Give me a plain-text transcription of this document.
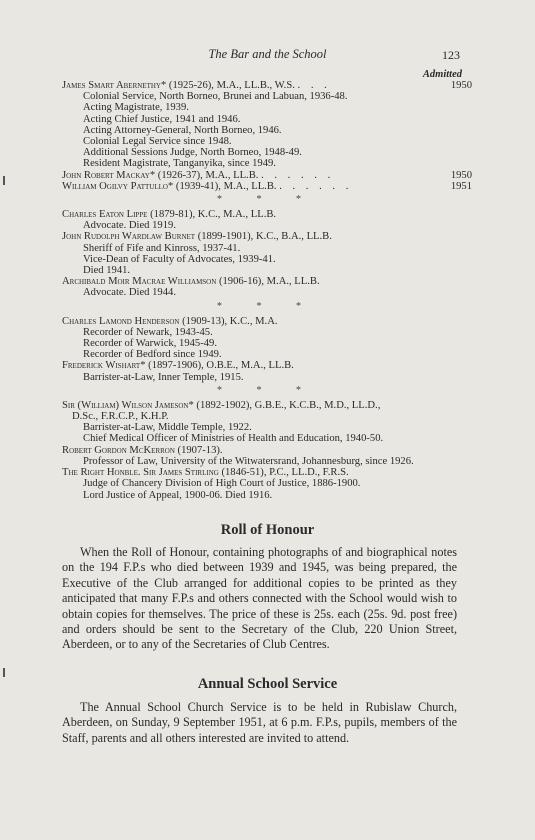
The Bar and the School	123
Admitted
James Smart Abernethy* (1925-26), M.A., LL.B., W.S. . . .	1950
Colonial Service, North Borneo, Brunei and Labuan, 1936-48.
Acting Magistrate, 1939.
Acting Chief Justice, 1941 and 1946.
Acting Attorney-General, North Borneo, 1946.
Colonial Legal Service since 1948.
Additional Sessions Judge, North Borneo, 1948-49.
Resident Magistrate, Tanganyika, since 1949.
John Robert Mackay* (1926-37), M.A., LL.B. . . . . . .	1950
William Ogilvy Pattullo* (1939-41), M.A., LL.B. . . . . . .	1951
* * *
Charles Eaton Lippe (1879-81), K.C., M.A., LL.B.
Advocate. Died 1919.
John Rudolph Wardlaw Burnet (1899-1901), K.C., B.A., LL.B.
Sheriff of Fife and Kinross, 1937-41.
Vice-Dean of Faculty of Advocates, 1939-41.
Died 1941.
Archibald Moir Macrae Williamson (1906-16), M.A., LL.B.
Advocate. Died 1944.
* * *
Charles Lamond Henderson (1909-13), K.C., M.A.
Recorder of Newark, 1943-45.
Recorder of Warwick, 1945-49.
Recorder of Bedford since 1949.
Frederick Wishart* (1897-1906), O.B.E., M.A., LL.B.
Barrister-at-Law, Inner Temple, 1915.
* * *
Sir (William) Wilson Jameson* (1892-1902), G.B.E., K.C.B., M.D., LL.D.,
D.Sc., F.R.C.P., K.H.P.
Barrister-at-Law, Middle Temple, 1922.
Chief Medical Officer of Ministries of Health and Education, 1940-50.
Robert Gordon McKerron (1907-13).
Professor of Law, University of the Witwatersrand, Johannesburg, since 1926.
The Right Honble. Sir James Stirling (1846-51), P.C., LL.D., F.R.S.
Judge of Chancery Division of High Court of Justice, 1886-1900.
Lord Justice of Appeal, 1900-06. Died 1916.
Roll of Honour

When the Roll of Honour, containing photographs of and biographical notes on the 194 F.P.s who died between 1939 and 1945, was being prepared, the Executive of the Club arranged for additional copies to be printed as they anticipated that many F.P.s and others connected with the School would wish to obtain copies for themselves. The price of these is 25s. each (25s. 9d. post free) and orders should be sent to the Secretary of the Club, 220 Union Street, Aberdeen, or to any of the Secretaries of Club Centres.

Annual School Service

The Annual School Church Service is to be held in Rubislaw Church, Aberdeen, on Sunday, 9 September 1951, at 6 p.m. F.P.s, pupils, members of the Staff, parents and all others interested are invited to attend.
